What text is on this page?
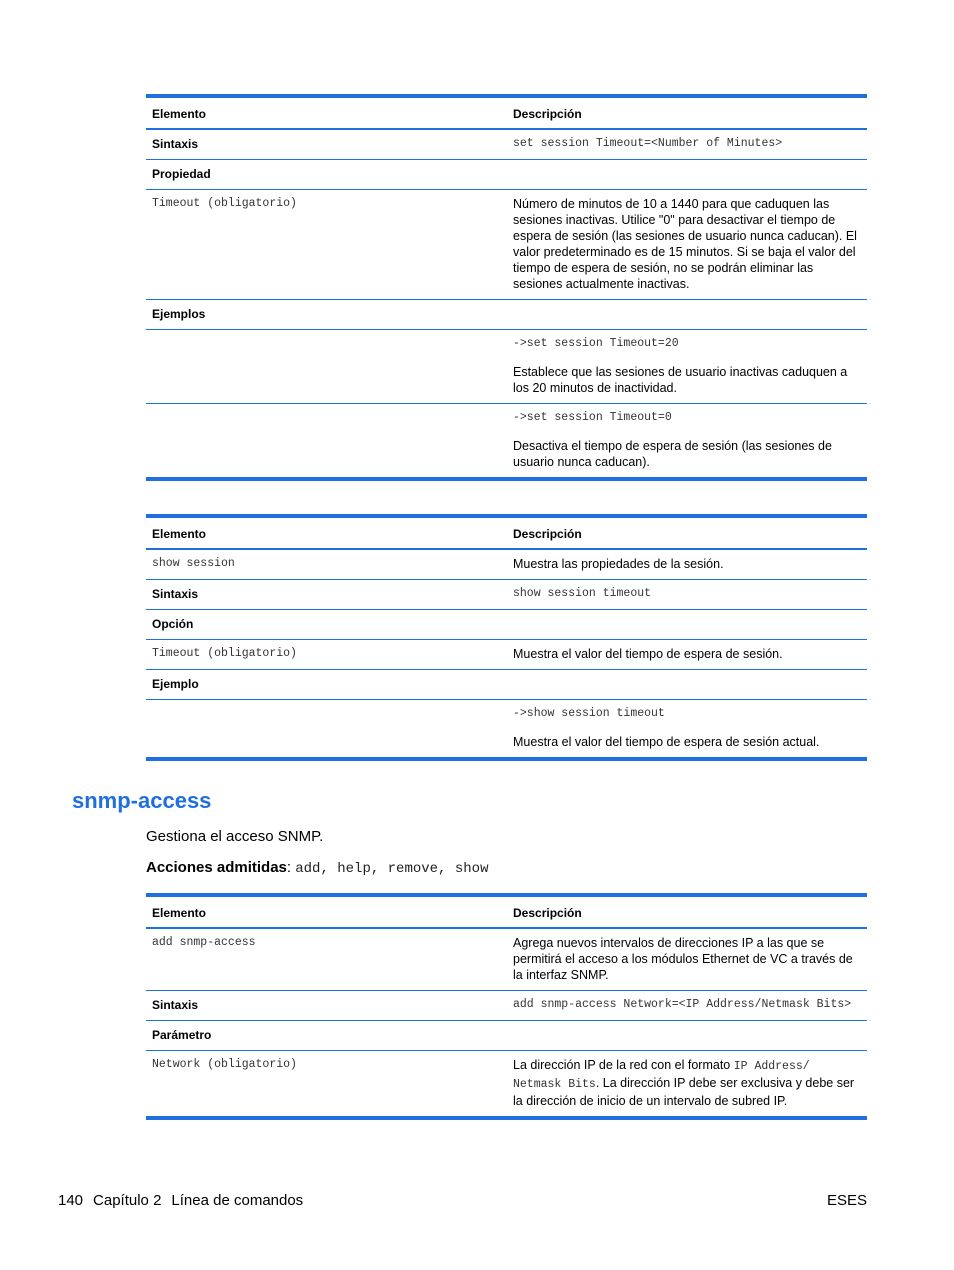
Elemento	Descripción
Sintaxis	set session Timeout=<Number of Minutes>
Propiedad	
Timeout (obligatorio)	Número de minutos de 10 a 1440 para que caduquen las sesiones inactivas. Utilice "0" para desactivar el tiempo de espera de sesión (las sesiones de usuario nunca caducan). El valor predeterminado es de 15 minutos. Si se baja el valor del tiempo de espera de sesión, no se podrán eliminar las sesiones actualmente inactivas.
Ejemplos	

	->set session Timeout=20

Establece que las sesiones de usuario inactivas caduquen a los 20 minutos de inactividad.

	->set session Timeout=0

Desactiva el tiempo de espera de sesión (las sesiones de usuario nunca caducan).

Elemento	Descripción
show session	Muestra las propiedades de la sesión.
Sintaxis	show session timeout
Opción	
Timeout (obligatorio)	Muestra el valor del tiempo de espera de sesión.
Ejemplo	

	->show session timeout

Muestra el valor del tiempo de espera de sesión actual.

snmp-access
Gestiona el acceso SNMP.
Acciones admitidas: add, help, remove, show
Elemento	Descripción
add snmp-access	Agrega nuevos intervalos de direcciones IP a las que se permitirá el acceso a los módulos Ethernet de VC a través de la interfaz SNMP.
Sintaxis	add snmp-access Network=<IP Address/Netmask Bits>
Parámetro	
Network (obligatorio)	La dirección IP de la red con el formato IP Address/ Netmask Bits. La dirección IP debe ser exclusiva y debe ser la dirección de inicio de un intervalo de subred IP.
140 Capítulo 2 Línea de comandos	ESES
